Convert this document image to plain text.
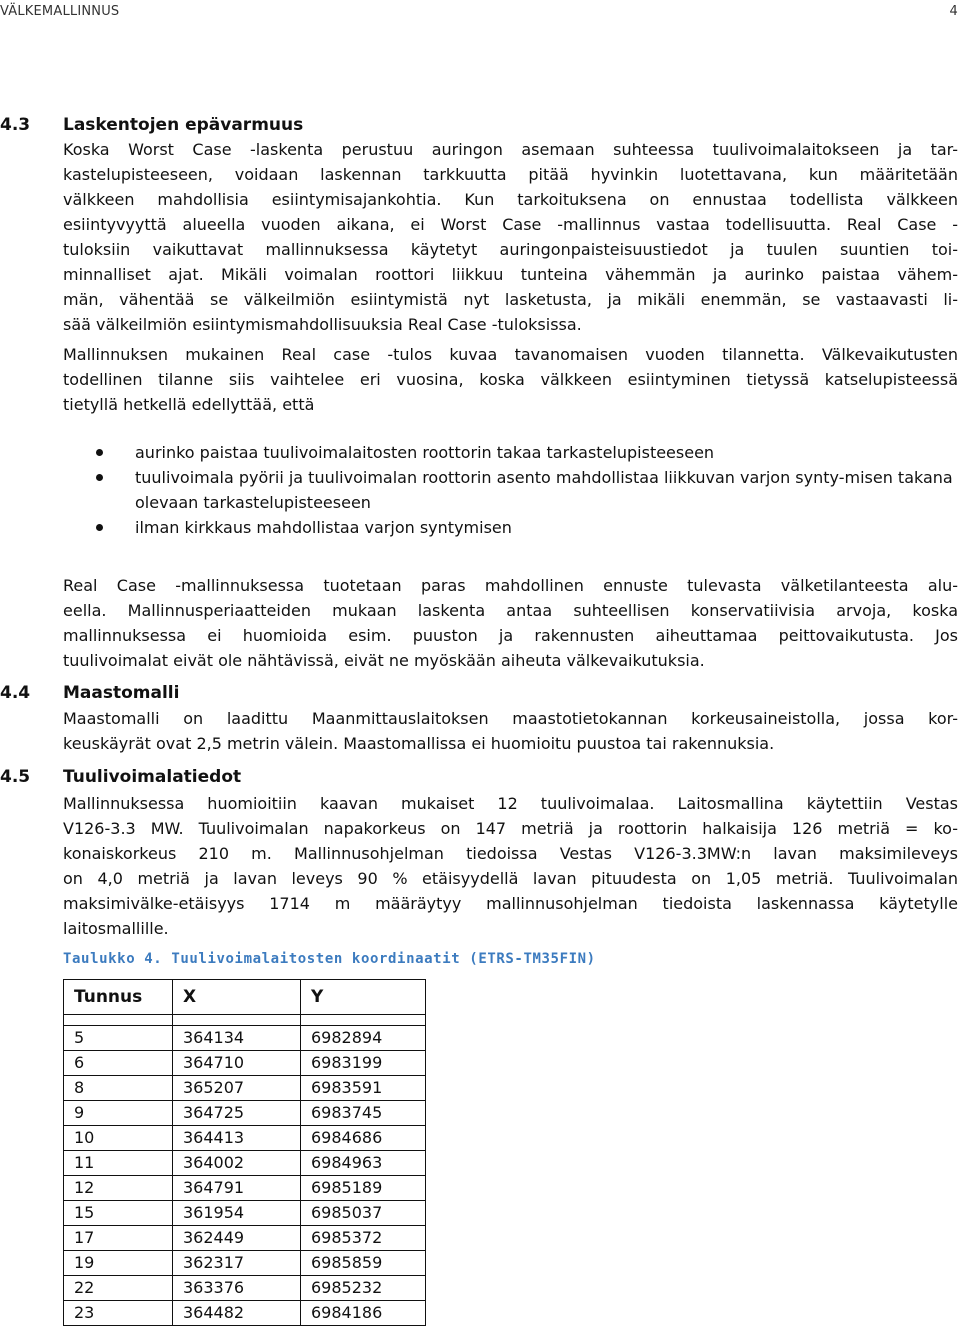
VÄLKEMALLINNUS	4
4.3	Laskentojen epävarmuus
Koska Worst Case -laskenta perustuu auringon asemaan suhteessa tuulivoimalaitokseen ja tar-
kastelupisteeseen, voidaan laskennan tarkkuutta pitää hyvinkin luotettavana, kun määritetään
välkkeen mahdollisia esiintymisajankohtia. Kun tarkoituksena on ennustaa todellista välkkeen
esiintyvyyttä alueella vuoden aikana, ei Worst Case -mallinnus vastaa todellisuutta. Real Case -
tuloksiin vaikuttavat mallinnuksessa käytetyt auringonpaisteisuustiedot ja tuulen suuntien toi-
minnalliset ajat. Mikäli voimalan roottori liikkuu tunteina vähemmän ja aurinko paistaa vähem-
män, vähentää se välkeilmiön esiintymistä nyt lasketusta, ja mikäli enemmän, se vastaavasti li-
sää välkeilmiön esiintymismahdollisuuksia Real Case -tuloksissa.
Mallinnuksen mukainen Real case -tulos kuvaa tavanomaisen vuoden tilannetta. Välkevaikutusten
todellinen tilanne siis vaihtelee eri vuosina, koska välkkeen esiintyminen tietyssä katselupisteessä
tietyllä hetkellä edellyttää, että
aurinko paistaa tuulivoimalaitosten roottorin takaa tarkastelupisteeseen
tuulivoimala pyörii ja tuulivoimalan roottorin asento mahdollistaa liikkuvan varjon synty-misen takana olevaan tarkastelupisteeseen
ilman kirkkaus mahdollistaa varjon syntymisen
Real Case -mallinnuksessa tuotetaan paras mahdollinen ennuste tulevasta välketilanteesta alu-
eella. Mallinnusperiaatteiden mukaan laskenta antaa suhteellisen konservatiivisia arvoja, koska
mallinnuksessa ei huomioida esim. puuston ja rakennusten aiheuttamaa peittovaikutusta. Jos
tuulivoimalat eivät ole nähtävissä, eivät ne myöskään aiheuta välkevaikutuksia.
4.4	Maastomalli
Maastomalli on laadittu Maanmittauslaitoksen maastotietokannan korkeusaineistolla, jossa kor-
keuskäyrät ovat 2,5 metrin välein. Maastomallissa ei huomioitu puustoa tai rakennuksia.
4.5	Tuulivoimalatiedot
Mallinnuksessa huomioitiin kaavan mukaiset 12 tuulivoimalaa. Laitosmallina käytettiin Vestas
V126-3.3 MW. Tuulivoimalan napakorkeus on 147 metriä ja roottorin halkaisija 126 metriä = ko-
konaiskorkeus 210 m. Mallinnusohjelman tiedoissa Vestas V126-3.3MW:n lavan maksimileveys
on 4,0 metriä ja lavan leveys 90 % etäisyydellä lavan pituudesta on 1,05 metriä. Tuulivoimalan
maksimivälke-etäisyys 1714 m määräytyy mallinnusohjelman tiedoista laskennassa käytetylle
laitosmallille.
Taulukko 4. Tuulivoimalaitosten koordinaatit (ETRS-TM35FIN)
Tunnus	X	Y

5	364134	6982894
6	364710	6983199
8	365207	6983591
9	364725	6983745
10	364413	6984686
11	364002	6984963
12	364791	6985189
15	361954	6985037
17	362449	6985372
19	362317	6985859
22	363376	6985232
23	364482	6984186
